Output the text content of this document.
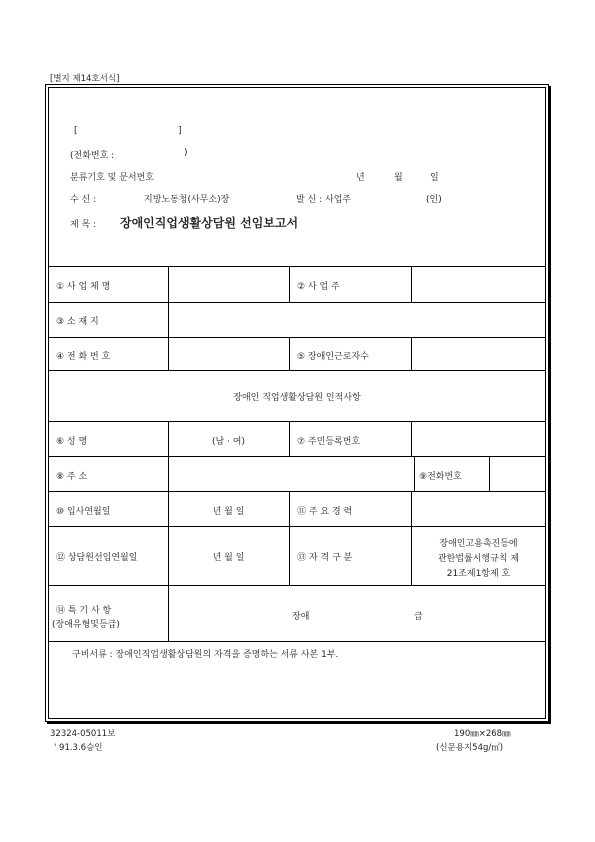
[별지 제14호서식]
[	]
(전화번호 :	)
분류기호 및 문서번호	년	월	일
수 신 :	지방노동청(사무소)장	발 신 : 사업주	(인)
제 목 : 장애인직업생활상담원 선임보고서
① 사 업 체 명	② 사 업 주
③ 소 재 지
④ 전 화 번 호	⑤ 장애인근로자수
장애인 직업생활상담원 인적사항
⑥ 성 명	(남 · 여)	⑦ 주민등록번호
⑧ 주 소	⑨전화번호
⑩ 입사연월일	년 월 일	⑪ 주 요 경 력
⑫ 상담원선임연월일	년 월 일	⑬ 자 격 구 분
장애인고용촉진등에
관한법률시행규칙 제
21조제1항제 호
⑭ 특 기 사 항
(장애유형및등급)
장애	급
구비서류 : 장애인직업생활상담원의 자격을 증명하는 서류 사본 1부.
32324-05011보
' 91.3.6승인
190㎜×268㎜
(신문용지54g/㎡)
